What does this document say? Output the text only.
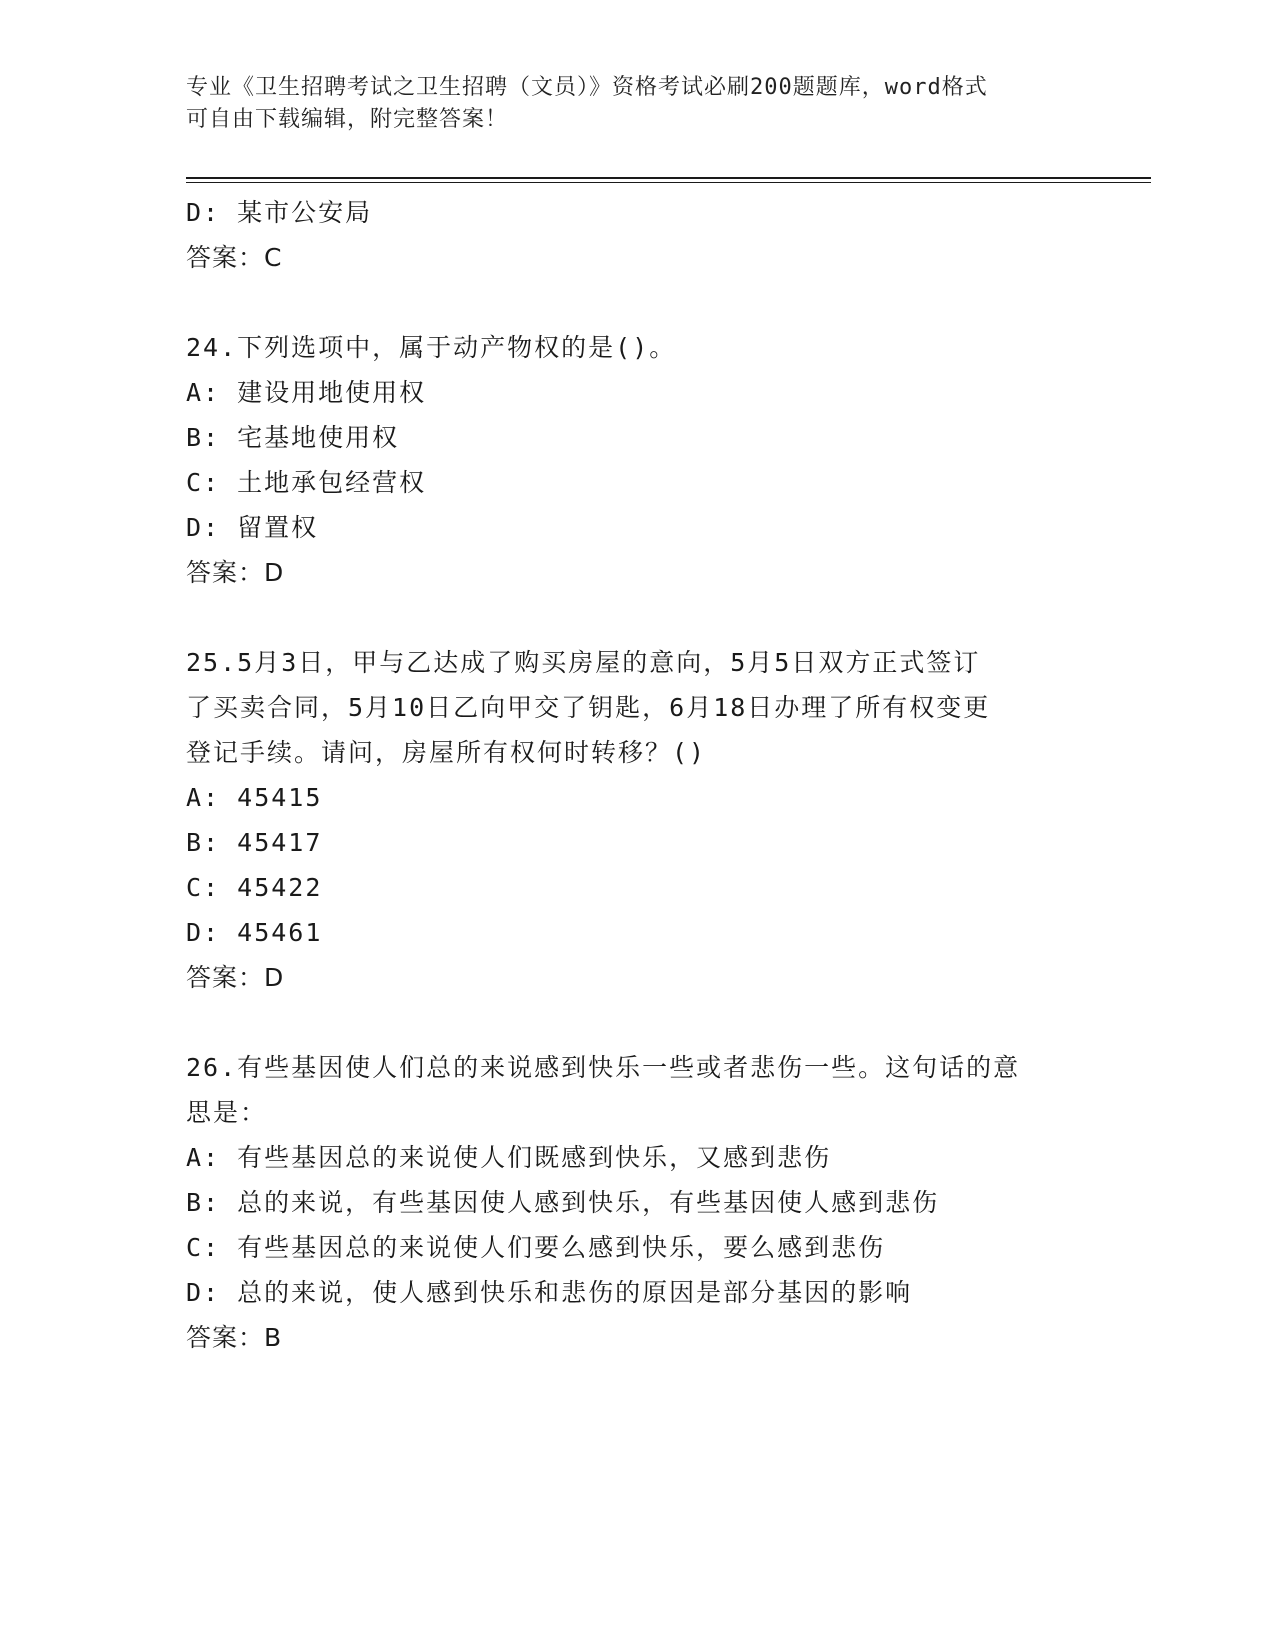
专业《卫生招聘考试之卫生招聘（文员）》资格考试必刷200题题库，word格式
可自由下载编辑，附完整答案！
D: 某市公安局
答案：C
24.下列选项中，属于动产物权的是()。
A: 建设用地使用权
B: 宅基地使用权
C: 土地承包经营权
D: 留置权
答案：D
25.5月3日，甲与乙达成了购买房屋的意向，5月5日双方正式签订
了买卖合同，5月10日乙向甲交了钥匙，6月18日办理了所有权变更
登记手续。请问，房屋所有权何时转移？()
A: 45415
B: 45417
C: 45422
D: 45461
答案：D
26.有些基因使人们总的来说感到快乐一些或者悲伤一些。这句话的意
思是：
A: 有些基因总的来说使人们既感到快乐，又感到悲伤
B: 总的来说，有些基因使人感到快乐，有些基因使人感到悲伤
C: 有些基因总的来说使人们要么感到快乐，要么感到悲伤
D: 总的来说，使人感到快乐和悲伤的原因是部分基因的影响
答案：B
